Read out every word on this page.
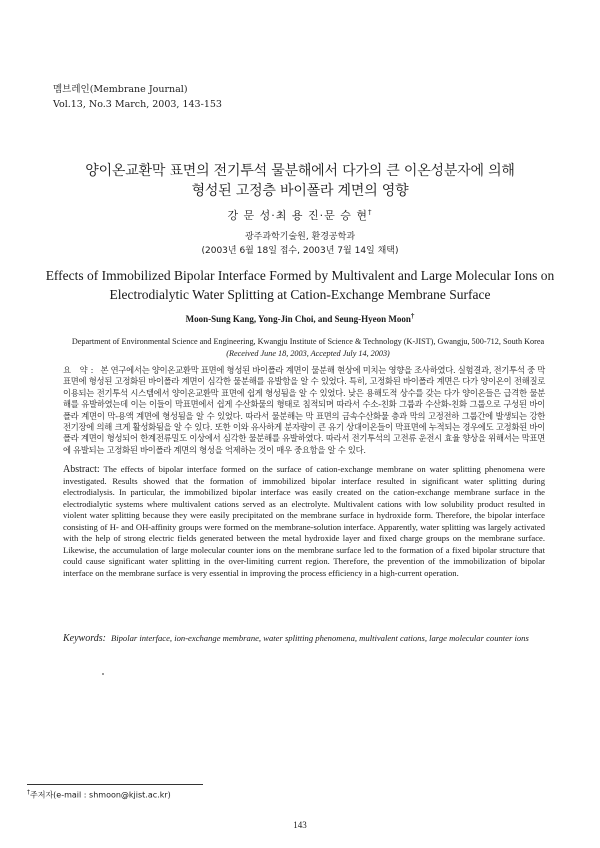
멤브레인(Membrane Journal)
Vol.13, No.3 March, 2003, 143-153
양이온교환막 표면의 전기투석 물분해에서 다가의 큰 이온성분자에 의해
형성된 고정층 바이폴라 계면의 영향
강 문 성·최 용 진·문 승 현†
광주과학기술원, 환경공학과
(2003년 6월 18일 접수, 2003년 7월 14일 채택)
Effects of Immobilized Bipolar Interface Formed by Multivalent and Large Molecular Ions on
Electrodialytic Water Splitting at Cation-Exchange Membrane Surface
Moon-Sung Kang, Yong-Jin Choi, and Seung-Hyeon Moon†
Department of Environmental Science and Engineering, Kwangju Institute of Science & Technology (K-JIST), Gwangju, 500-712, South Korea
(Received June 18, 2003, Accepted July 14, 2003)
요 약: 본 연구에서는 양이온교환막 표면에 형성된 바이폴라 계면이 물분해 현상에 미치는 영향을 조사하였다. 실험결과, 전기투석 중 막표면에 형성된 고정화된 바이폴라 계면이 심각한 물분해를 유발함을 알 수 있었다. 특히, 고정화된 바이폴라 계면은 다가 양이온이 전해질로 이용되는 전기투석 시스템에서 양이온교환막 표면에 쉽게 형성됨을 알 수 있었다. 낮은 용해도적 상수를 갖는 다가 양이온들은 급격한 물분해를 유발하였는데 이는 이들이 막표면에서 쉽게 수산화물의 형태로 침적되며 따라서 수소-친화 그룹과 수산화-친화 그룹으로 구성된 바이폴라 계면이 막-용액 계면에 형성됨을 알 수 있었다. 따라서 물분해는 막 표면의 금속수산화물 층과 막의 고정전하 그룹간에 발생되는 강한 전기장에 의해 크게 활성화됨을 알 수 있다. 또한 이와 유사하게 분자량이 큰 유기 상대이온들이 막표면에 누적되는 경우에도 고정화된 바이폴라 계면이 형성되어 한계전류밀도 이상에서 심각한 물분해를 유발하였다. 따라서 전기투석의 고전류 운전시 효율 향상을 위해서는 막표면에 유발되는 고정화된 바이폴라 계면의 형성을 억제하는 것이 매우 중요함을 알 수 있다.
Abstract: The effects of bipolar interface formed on the surface of cation-exchange membrane on water splitting phenomena were investigated. Results showed that the formation of immobilized bipolar interface resulted in significant water splitting during electrodialysis. In particular, the immobilized bipolar interface was easily created on the cation-exchange membrane surface in the electrodialytic systems where multivalent cations served as an electrolyte. Multivalent cations with low solubility product resulted in violent water splitting because they were easily precipitated on the membrane surface in hydroxide form. Therefore, the bipolar interface consisting of H- and OH-affinity groups were formed on the membrane-solution interface. Apparently, water splitting was largely activated with the help of strong electric fields generated between the metal hydroxide layer and fixed charge groups on the membrane surface. Likewise, the accumulation of large molecular counter ions on the membrane surface led to the formation of a fixed bipolar structure that could cause significant water splitting in the over-limiting current region. Therefore, the prevention of the immobilization of bipolar interface on the membrane surface is very essential in improving the process efficiency in a high-current operation.
Keywords: Bipolar interface, ion-exchange membrane, water splitting phenomena, multivalent cations, large molecular counter ions
†주저자(e-mail : shmoon@kjist.ac.kr)
143
